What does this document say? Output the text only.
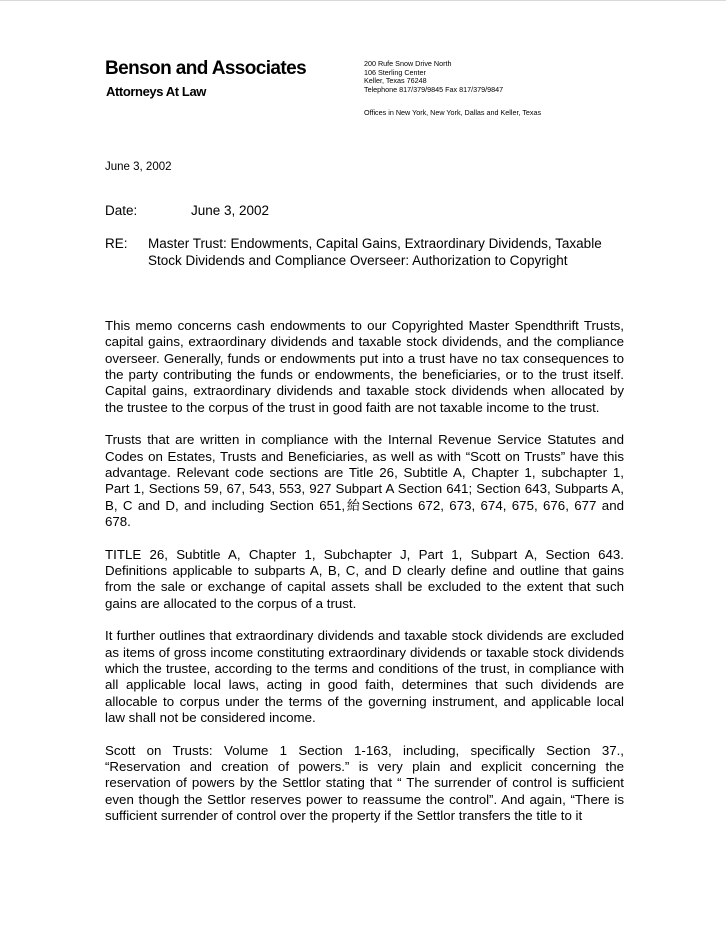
Benson and Associates
Attorneys At Law
200 Rufe Snow Drive North
106 Sterling Center
Keller, Texas 76248
Telephone 817/379/9845 Fax 817/379/9847
Offices in New York, New York, Dallas and Keller, Texas
June 3, 2002
Date:	June 3, 2002
RE: Master Trust: Endowments, Capital Gains, Extraordinary Dividends, Taxable Stock Dividends and Compliance Overseer: Authorization to Copyright

This memo concerns cash endowments to our Copyrighted Master Spendthrift Trusts, capital gains, extraordinary dividends and taxable stock dividends, and the compliance overseer. Generally, funds or endowments put into a trust have no tax consequences to the party contributing the funds or endowments, the beneficiaries, or to the trust itself. Capital gains, extraordinary dividends and taxable stock dividends when allocated by the trustee to the corpus of the trust in good faith are not taxable income to the trust.

Trusts that are written in compliance with the Internal Revenue Service Statutes and Codes on Estates, Trusts and Beneficiaries, as well as with “Scott on Trusts” have this advantage. Relevant code sections are Title 26, Subtitle A, Chapter 1, subchapter 1, Part 1, Sections 59, 67, 543, 553, 927 Subpart A Section 641; Section 643, Subparts A, B, C and D, and including Section 651,紿Sections 672, 673, 674, 675, 676, 677 and 678.

TITLE 26, Subtitle A, Chapter 1, Subchapter J, Part 1, Subpart A, Section 643. Definitions applicable to subparts A, B, C, and D clearly define and outline that gains from the sale or exchange of capital assets shall be excluded to the extent that such gains are allocated to the corpus of a trust.

It further outlines that extraordinary dividends and taxable stock dividends are excluded as items of gross income constituting extraordinary dividends or taxable stock dividends which the trustee, according to the terms and conditions of the trust, in compliance with all applicable local laws, acting in good faith, determines that such dividends are allocable to corpus under the terms of the governing instrument, and applicable local law shall not be considered income.

Scott on Trusts: Volume 1 Section 1-163, including, specifically Section 37., “Reservation and creation of powers.” is very plain and explicit concerning the reservation of powers by the Settlor stating that “ The surrender of control is sufficient even though the Settlor reserves power to reassume the control”. And again, “There is sufficient surrender of control over the property if the Settlor transfers the title to it
